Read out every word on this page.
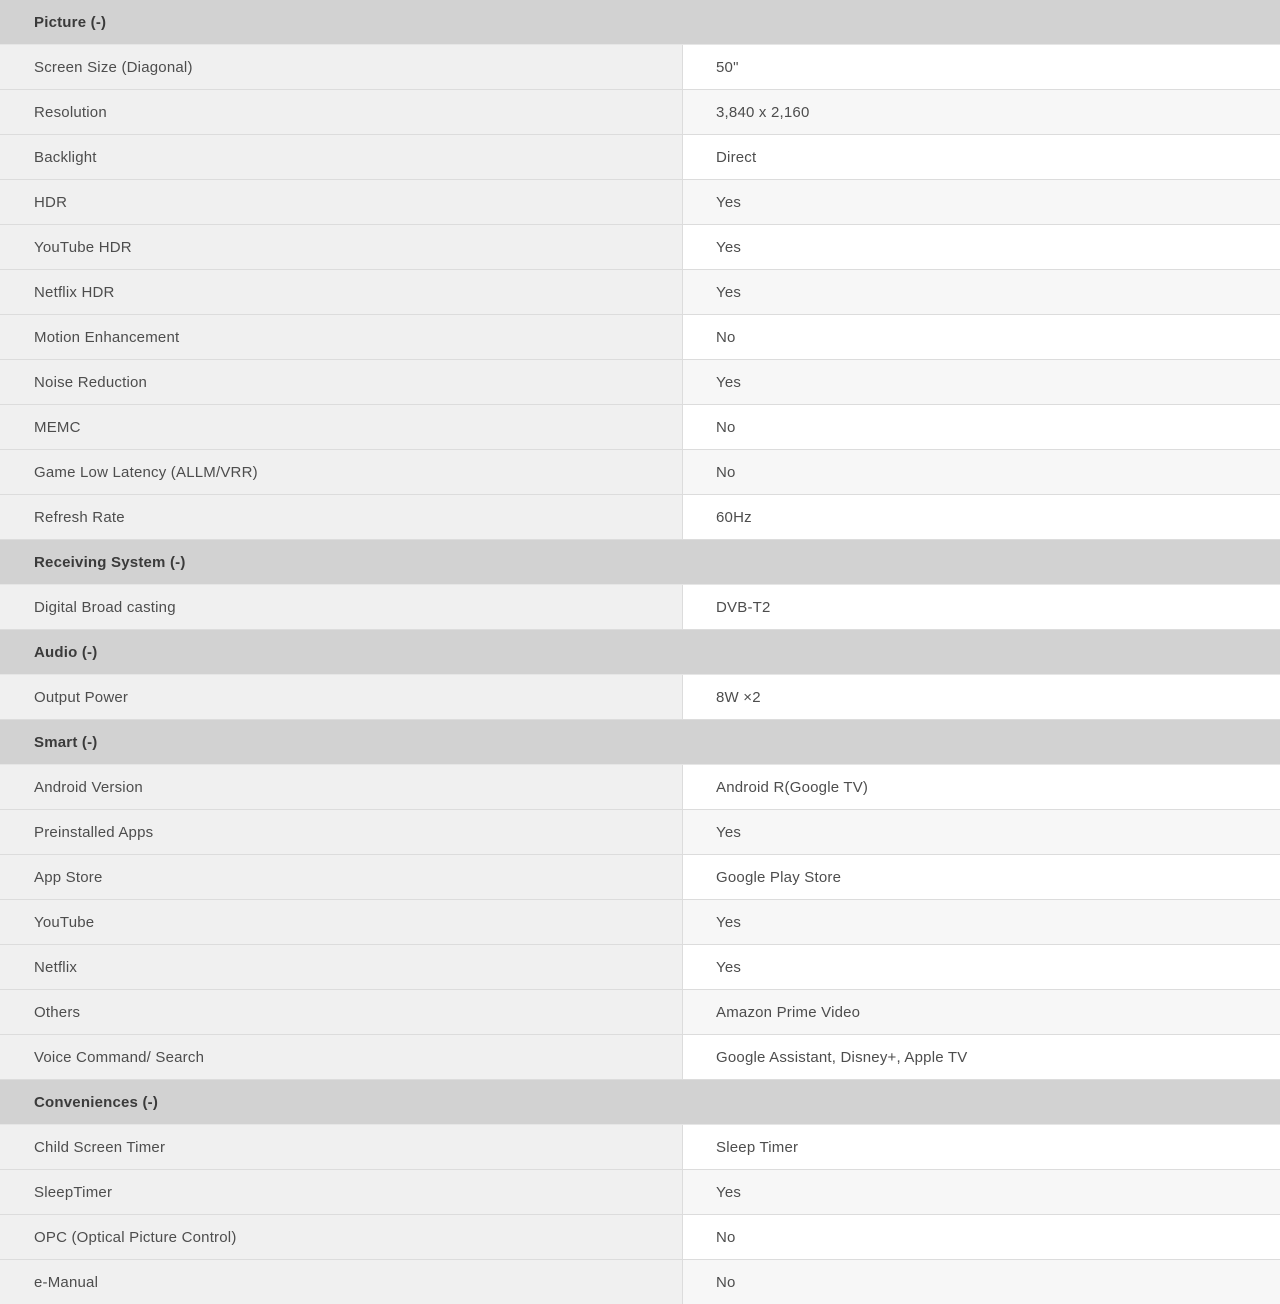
Picture (-)
Screen Size (Diagonal)	50"
Resolution	3,840 x 2,160
Backlight	Direct
HDR	Yes
YouTube HDR	Yes
Netflix HDR	Yes
Motion Enhancement	No
Noise Reduction	Yes
MEMC	No
Game Low Latency (ALLM/VRR)	No
Refresh Rate	60Hz
Receiving System (-)
Digital Broad casting	DVB-T2
Audio (-)
Output Power	8W ×2
Smart (-)
Android Version	Android R(Google TV)
Preinstalled Apps	Yes
App Store	Google Play Store
YouTube	Yes
Netflix	Yes
Others	Amazon Prime Video
Voice Command/ Search	Google Assistant, Disney+, Apple TV
Conveniences (-)
Child Screen Timer	Sleep Timer
SleepTimer	Yes
OPC (Optical Picture Control)	No
e-Manual	No
